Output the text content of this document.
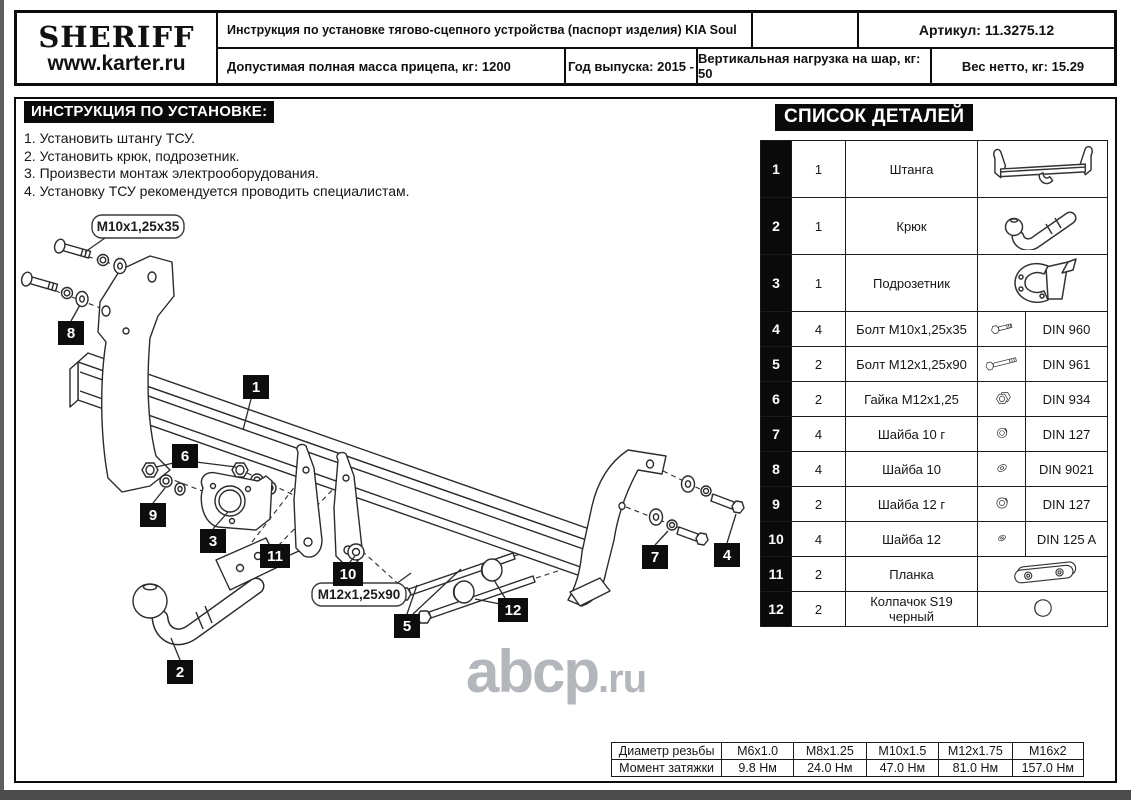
SHERIFF
www.karter.ru
Инструкция по установке тягово-сцепного устройства (паспорт изделия) KIA Soul	Артикул: 11.3275.12
Допустимая полная масса прицепа, кг: 1200	Год выпуска: 2015 - Вертикальная нагрузка на шар, кг: 50	Вес нетто, кг: 15.29
ИНСТРУКЦИЯ ПО УСТАНОВКЕ:
1. Установить штангу ТСУ.
2. Установить крюк, подрозетник.
3. Произвести монтаж электрооборудования.
4. Установку ТСУ рекомендуется проводить специалистам.
СПИСОК ДЕТАЛЕЙ
1	1	Штанга	
2	1	Крюк	
3	1	Подрозетник	
4	4	Болт М10х1,25х35		DIN 960
5	2	Болт М12х1,25х90		DIN 961
6	2	Гайка М12х1,25		DIN 934
7	4	Шайба 10 г		DIN 127
8	4	Шайба 10		DIN 9021
9	2	Шайба 12 г		DIN 127
10	4	Шайба 12		DIN 125 A
11	2	Планка	
12	2	Колпачок S19 черный	
Диаметр резьбы	M6x1.0	M8x1.25	M10x1.5	M12x1.75	M16x2
Момент затяжки	9.8 Нм	24.0 Нм	47.0 Нм	81.0 Нм	157.0 Нм
abcp.ru
M10x1,25x35
M12x1,25x90
1
2
3
4
5
6
7
8
9
10
11
12
